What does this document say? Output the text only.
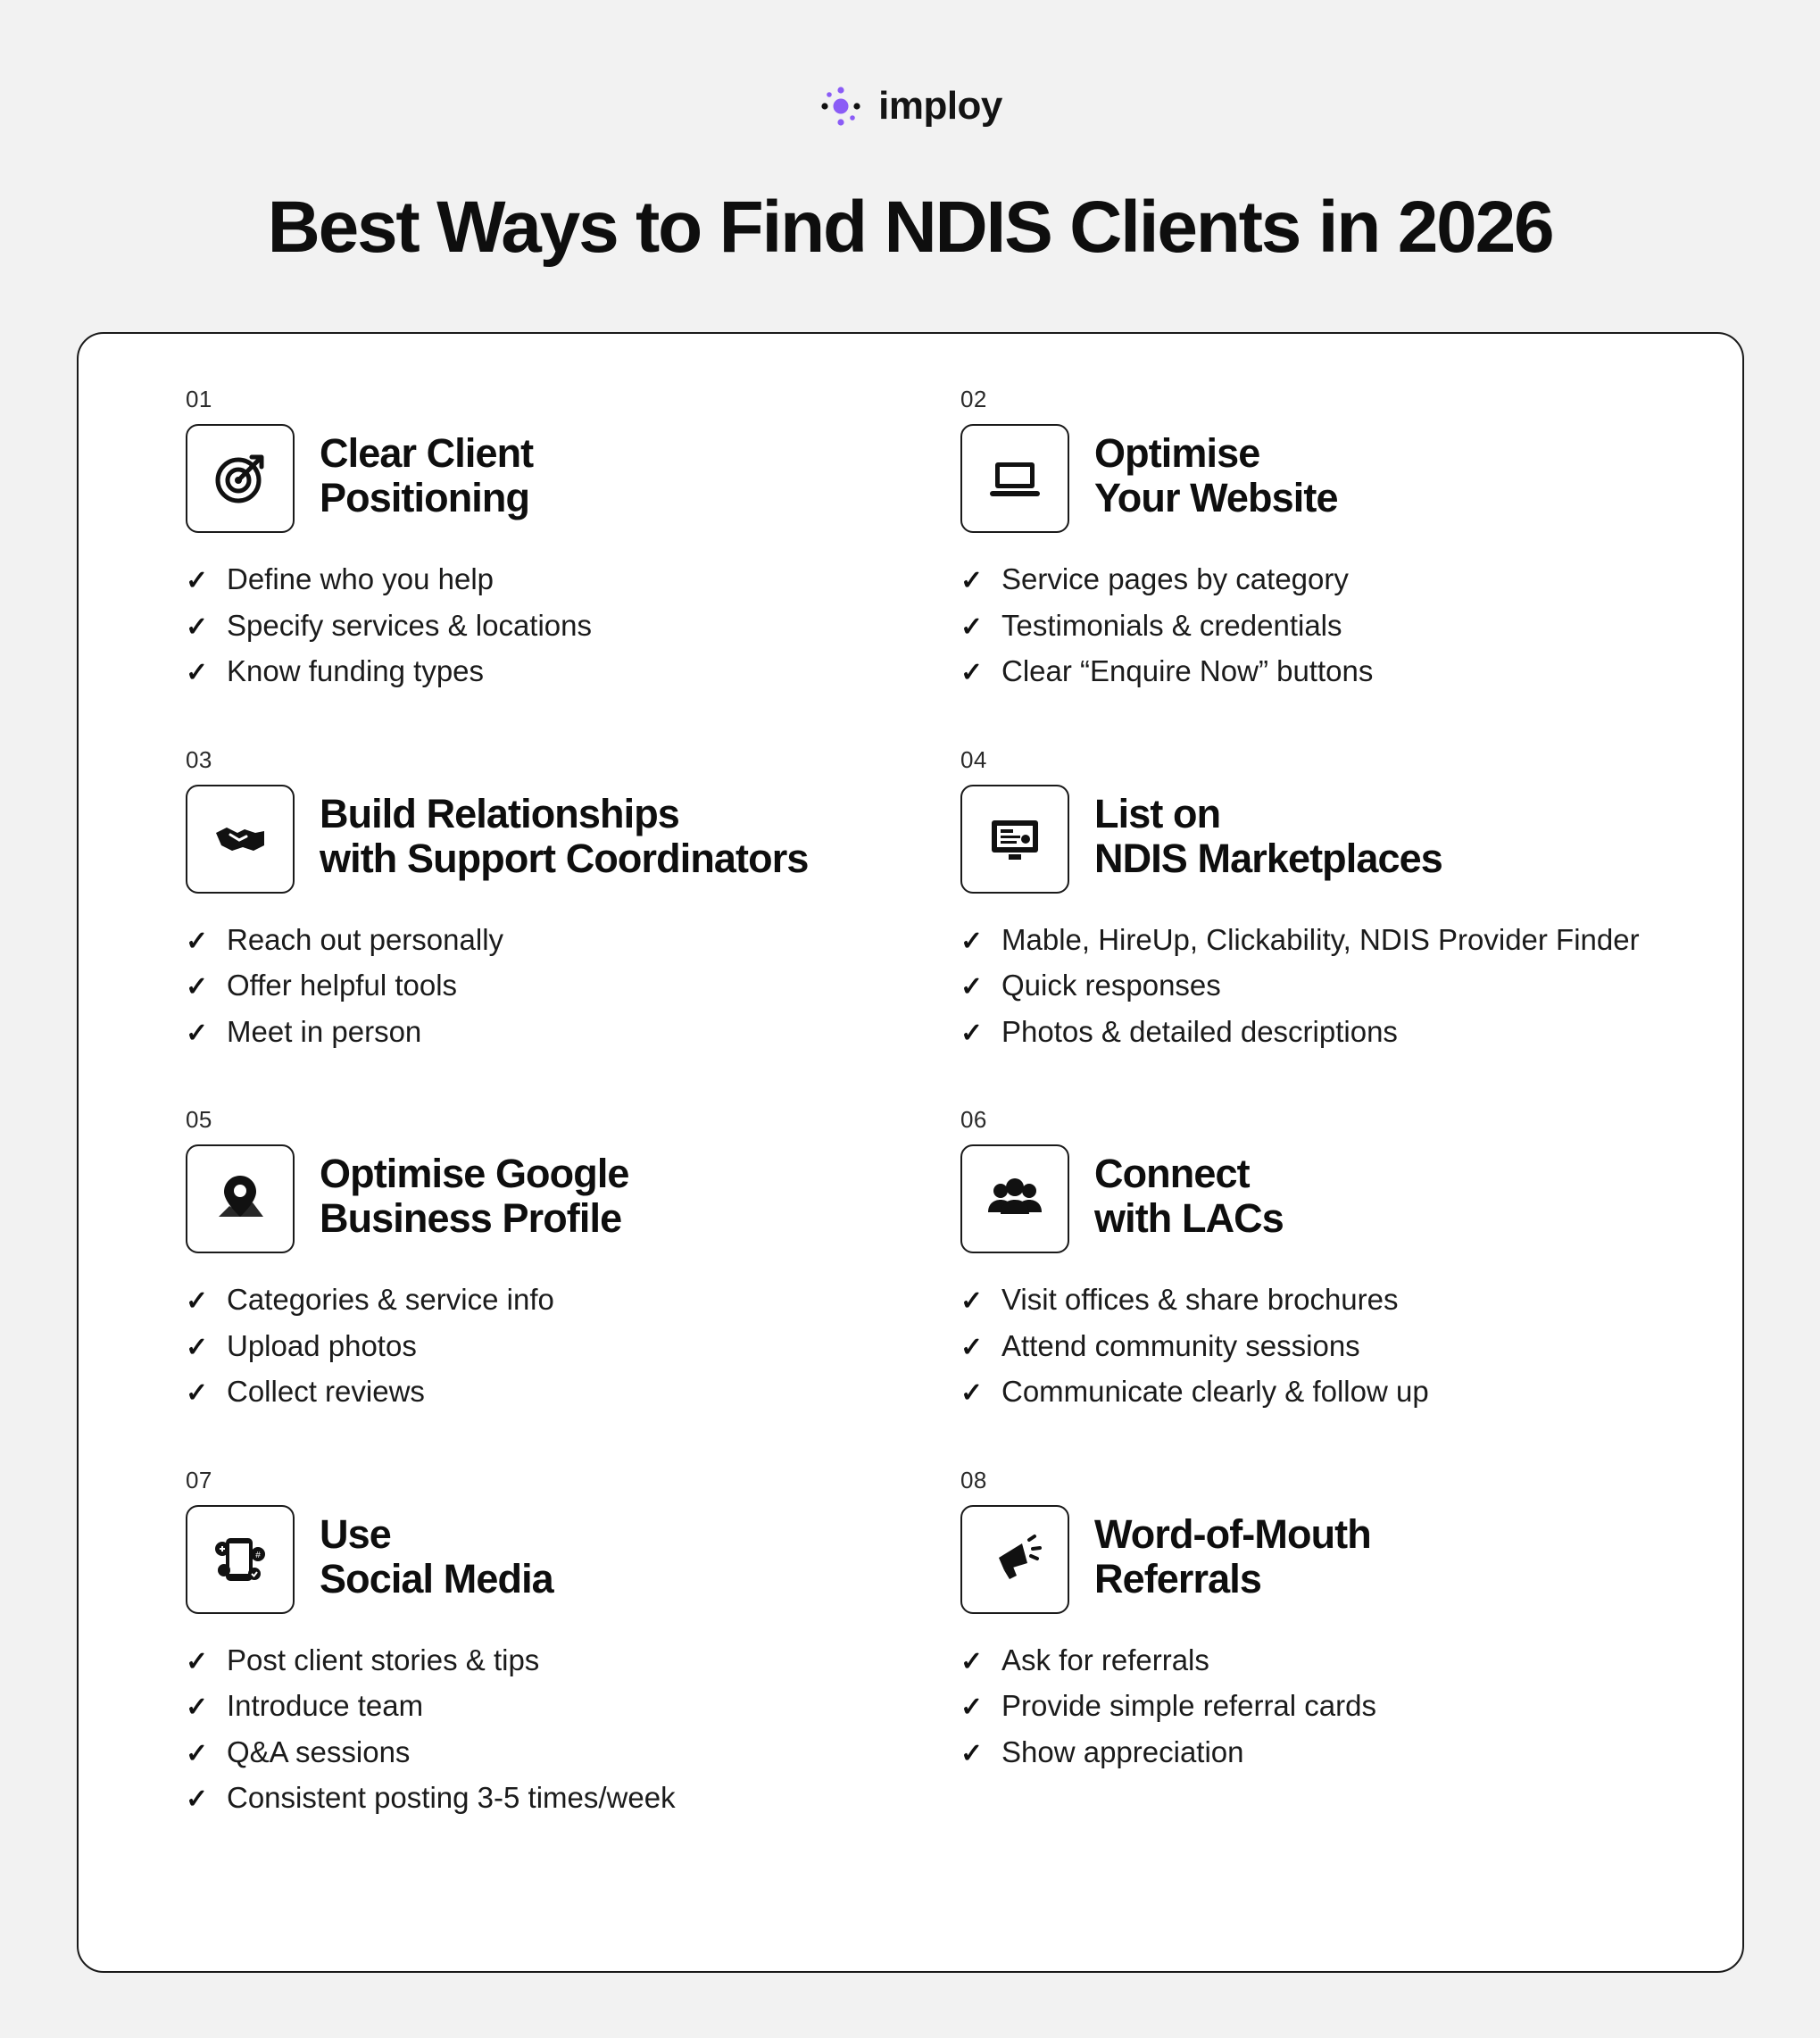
imploy
Best Ways to Find NDIS Clients in 2026
01
Clear Client
Positioning
✓ Define who you help
✓ Specify services & locations
✓ Know funding types
02
Optimise
Your Website
✓ Service pages by category
✓ Testimonials & credentials
✓ Clear “Enquire Now” buttons
03
Build Relationships
with Support Coordinators
✓ Reach out personally
✓ Offer helpful tools
✓ Meet in person
04
List on
NDIS Marketplaces
✓ Mable, HireUp, Clickability, NDIS Provider Finder
✓ Quick responses
✓ Photos & detailed descriptions
05
Optimise Google
Business Profile
✓ Categories & service info
✓ Upload photos
✓ Collect reviews
06
Connect
with LACs
✓ Visit offices & share brochures
✓ Attend community sessions
✓ Communicate clearly & follow up
07
# Use
Social Media
✓ Post client stories & tips
✓ Introduce team
✓ Q&A sessions
✓ Consistent posting 3-5 times/week
08
Word-of-Mouth
Referrals
✓ Ask for referrals
✓ Provide simple referral cards
✓ Show appreciation
